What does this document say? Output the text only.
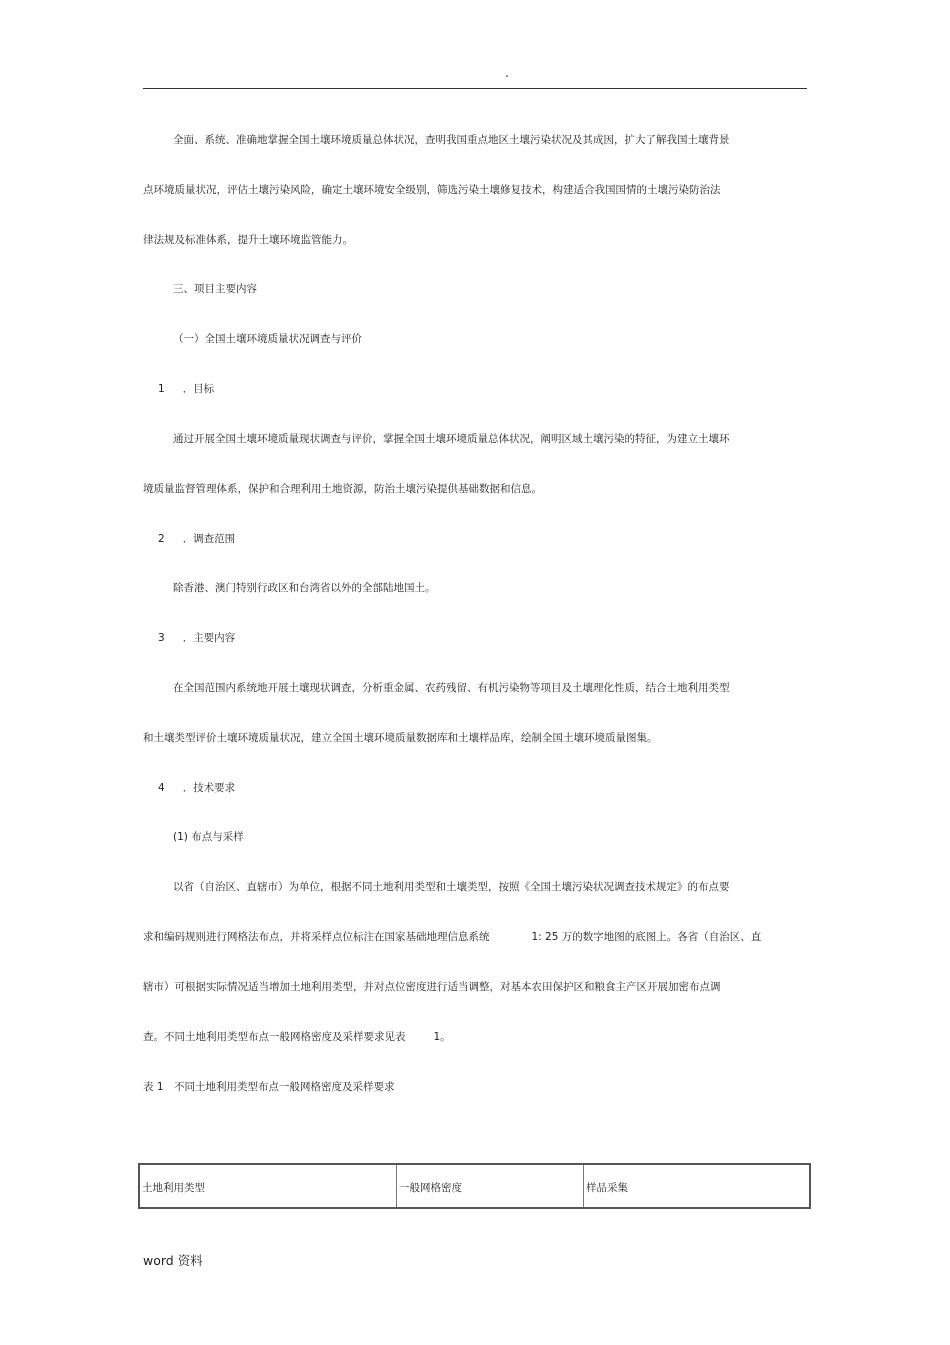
.
全面、系统、准确地掌握全国土壤环境质量总体状况，查明我国重点地区土壤污染状况及其成因，扩大了解我国土壤背景
点环境质量状况，评估土壤污染风险，确定土壤环境安全级别，筛选污染土壤修复技术，构建适合我国国情的土壤污染防治法
律法规及标准体系，提升土壤环境监管能力。
三、项目主要内容
（一）全国土壤环境质量状况调查与评价
1 ．目标
通过开展全国土壤环境质量现状调查与评价，掌握全国土壤环境质量总体状况，阐明区域土壤污染的特征，为建立土壤环
境质量监督管理体系，保护和合理利用土地资源，防治土壤污染提供基础数据和信息。
2 ．调查范围
除香港、澳门特别行政区和台湾省以外的全部陆地国土。
3 ．主要内容
在全国范围内系统地开展土壤现状调查，分析重金属、农药残留、有机污染物等项目及土壤理化性质，结合土地利用类型
和土壤类型评价土壤环境质量状况，建立全国土壤环境质量数据库和土壤样品库，绘制全国土壤环境质量图集。
4 ．技术要求
(1) 布点与采样
以省（自治区、直辖市）为单位，根据不同土地利用类型和土壤类型，按照《全国土壤污染状况调查技术规定》的布点要
求和编码规则进行网格法布点，并将采样点位标注在国家基础地理信息系统	1: 25 万的数字地图的底图上。各省（自治区、直
辖市）可根据实际情况适当增加土地利用类型，并对点位密度进行适当调整，对基本农田保护区和粮食主产区开展加密布点调
查。不同土地利用类型布点一般网格密度及采样要求见表	1。
表 1　不同土地利用类型布点一般网格密度及采样要求
土地利用类型	一般网格密度	样品采集
word 资料
